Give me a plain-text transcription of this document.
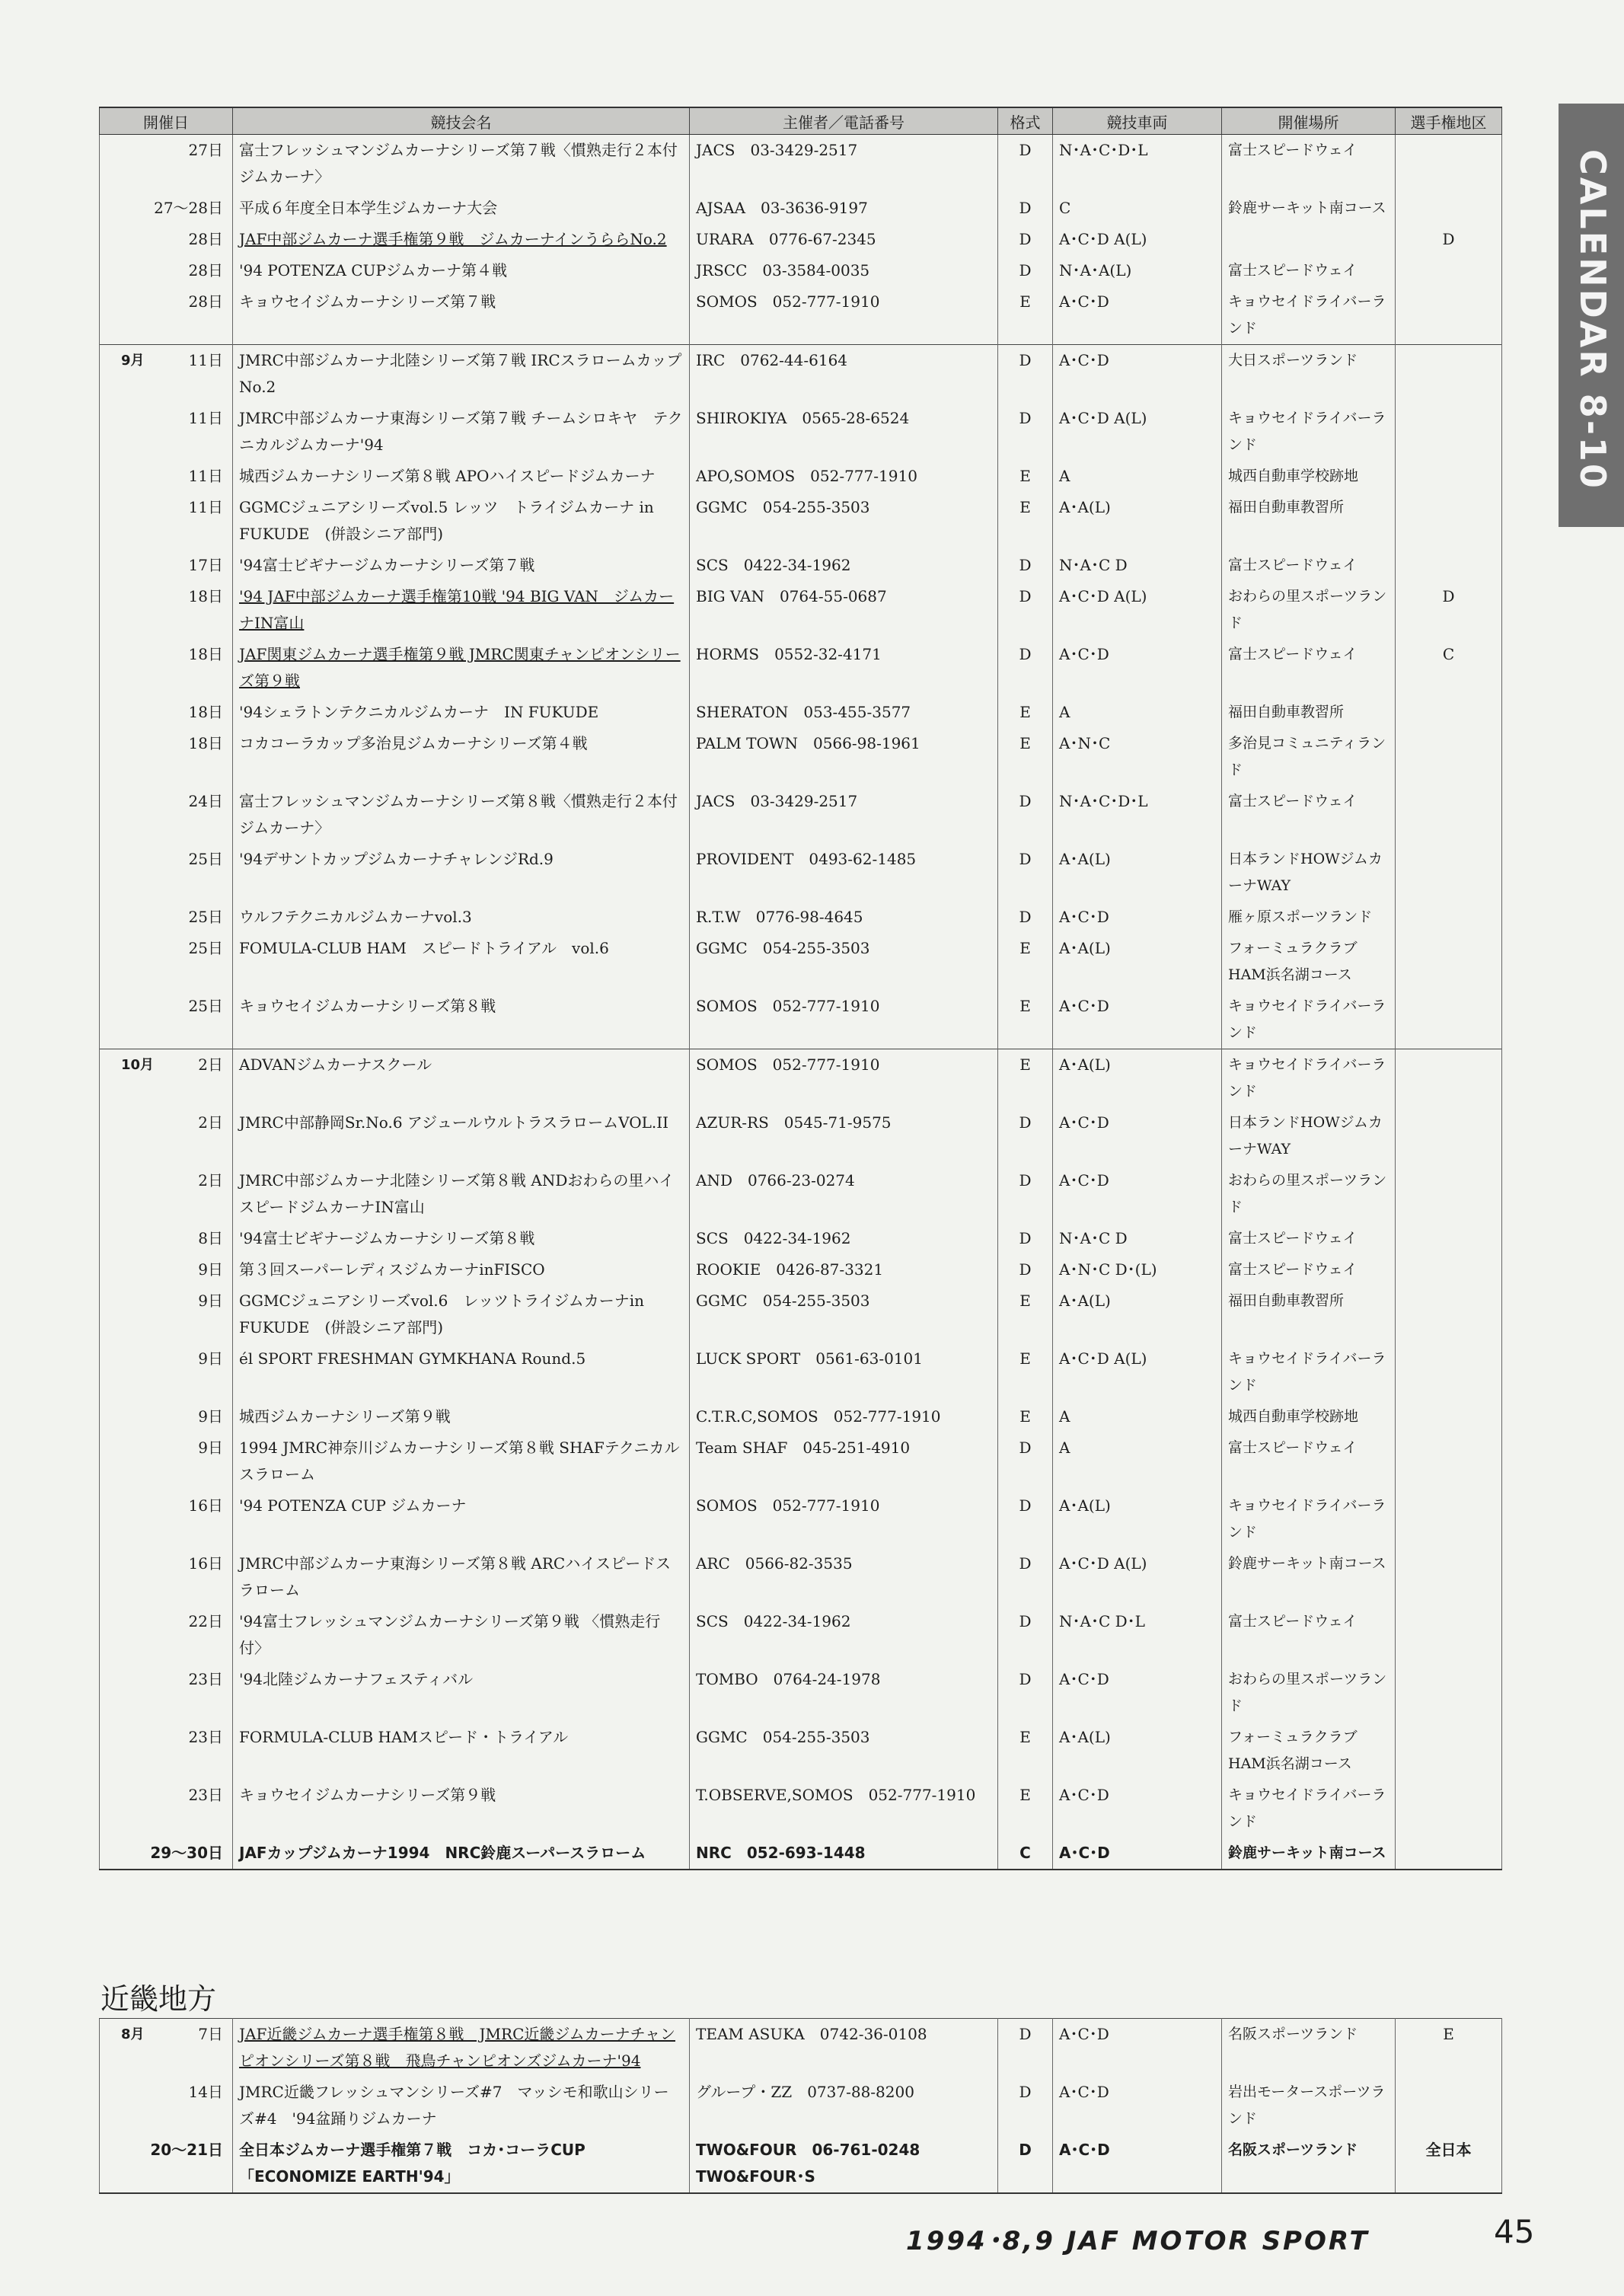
CALENDAR 8-10
開催日	競技会名	主催者／電話番号	格式	競技車両	開催場所	選手権地区
27日	富士フレッシュマンジムカーナシリーズ第７戦〈慣熟走行２本付ジムカーナ〉	JACS　03-3429-2517	D	N･A･C･D･L	富士スピードウェイ	
27〜28日	平成６年度全日本学生ジムカーナ大会	AJSAA　03-3636-9197	D	C	鈴鹿サーキット南コース	
28日	JAF中部ジムカーナ選手権第９戦　ジムカーナインうららNo.2	URARA　0776-67-2345	D	A･C･D A(L)		D
28日	'94 POTENZA CUPジムカーナ第４戦	JRSCC　03-3584-0035	D	N･A･A(L)	富士スピードウェイ	
28日	キョウセイジムカーナシリーズ第７戦	SOMOS　052-777-1910	E	A･C･D	キョウセイドライバーランド	

9月 11日	JMRC中部ジムカーナ北陸シリーズ第７戦 IRCスラロームカップNo.2	IRC　0762-44-6164	D	A･C･D	大日スポーツランド	
11日	JMRC中部ジムカーナ東海シリーズ第７戦 チームシロキヤ　テクニカルジムカーナ'94	SHIROKIYA　0565-28-6524	D	A･C･D A(L)	キョウセイドライバーランド	
11日	城西ジムカーナシリーズ第８戦 APOハイスピードジムカーナ	APO,SOMOS　052-777-1910	E	A	城西自動車学校跡地	
11日	GGMCジュニアシリーズvol.5 レッツ　トライジムカーナ in FUKUDE　(併設シニア部門)	GGMC　054-255-3503	E	A･A(L)	福田自動車教習所	
17日	'94富士ビギナージムカーナシリーズ第７戦	SCS　0422-34-1962	D	N･A･C D	富士スピードウェイ	
18日	'94 JAF中部ジムカーナ選手権第10戦 '94 BIG VAN　ジムカーナIN富山	BIG VAN　0764-55-0687	D	A･C･D A(L)	おわらの里スポーツランド	D
18日	JAF関東ジムカーナ選手権第９戦 JMRC関東チャンピオンシリーズ第９戦	HORMS　0552-32-4171	D	A･C･D	富士スピードウェイ	C
18日	'94シェラトンテクニカルジムカーナ　IN FUKUDE	SHERATON　053-455-3577	E	A	福田自動車教習所	
18日	コカコーラカップ多治見ジムカーナシリーズ第４戦	PALM TOWN　0566-98-1961	E	A･N･C	多治見コミュニティランド	
24日	富士フレッシュマンジムカーナシリーズ第８戦〈慣熟走行２本付ジムカーナ〉	JACS　03-3429-2517	D	N･A･C･D･L	富士スピードウェイ	
25日	'94デサントカップジムカーナチャレンジRd.9	PROVIDENT　0493-62-1485	D	A･A(L)	日本ランドHOWジムカーナWAY	
25日	ウルフテクニカルジムカーナvol.3	R.T.W　0776-98-4645	D	A･C･D	雁ヶ原スポーツランド	
25日	FOMULA-CLUB HAM　スピードトライアル　vol.6	GGMC　054-255-3503	E	A･A(L)	フォーミュラクラブHAM浜名湖コース	
25日	キョウセイジムカーナシリーズ第８戦	SOMOS　052-777-1910	E	A･C･D	キョウセイドライバーランド	

10月 2日	ADVANジムカーナスクール	SOMOS　052-777-1910	E	A･A(L)	キョウセイドライバーランド	
2日	JMRC中部静岡Sr.No.6 アジュールウルトラスラロームVOL.II	AZUR-RS　0545-71-9575	D	A･C･D	日本ランドHOWジムカーナWAY	
2日	JMRC中部ジムカーナ北陸シリーズ第８戦 ANDおわらの里ハイスピードジムカーナIN富山	AND　0766-23-0274	D	A･C･D	おわらの里スポーツランド	
8日	'94富士ビギナージムカーナシリーズ第８戦	SCS　0422-34-1962	D	N･A･C D	富士スピードウェイ	
9日	第３回スーパーレディスジムカーナinFISCO	ROOKIE　0426-87-3321	D	A･N･C D･(L)	富士スピードウェイ	
9日	GGMCジュニアシリーズvol.6　レッツトライジムカーナin FUKUDE　(併設シニア部門)	GGMC　054-255-3503	E	A･A(L)	福田自動車教習所	
9日	él SPORT FRESHMAN GYMKHANA Round.5	LUCK SPORT　0561-63-0101	E	A･C･D A(L)	キョウセイドライバーランド	
9日	城西ジムカーナシリーズ第９戦	C.T.R.C,SOMOS　052-777-1910	E	A	城西自動車学校跡地	
9日	1994 JMRC神奈川ジムカーナシリーズ第８戦 SHAFテクニカルスラローム	Team SHAF　045-251-4910	D	A	富士スピードウェイ	
16日	'94 POTENZA CUP ジムカーナ	SOMOS　052-777-1910	D	A･A(L)	キョウセイドライバーランド	
16日	JMRC中部ジムカーナ東海シリーズ第８戦 ARCハイスピードスラローム	ARC　0566-82-3535	D	A･C･D A(L)	鈴鹿サーキット南コース	
22日	'94富士フレッシュマンジムカーナシリーズ第９戦 〈慣熟走行付〉	SCS　0422-34-1962	D	N･A･C D･L	富士スピードウェイ	
23日	'94北陸ジムカーナフェスティバル	TOMBO　0764-24-1978	D	A･C･D	おわらの里スポーツランド	
23日	FORMULA-CLUB HAMスピード・トライアル	GGMC　054-255-3503	E	A･A(L)	フォーミュラクラブHAM浜名湖コース	
23日	キョウセイジムカーナシリーズ第９戦	T.OBSERVE,SOMOS　052-777-1910	E	A･C･D	キョウセイドライバーランド	
29〜30日	JAFカップジムカーナ1994　NRC鈴鹿スーパースラローム	NRC　052-693-1448	C	A･C･D	鈴鹿サーキット南コース	
近畿地方
8月 7日	JAF近畿ジムカーナ選手権第８戦　JMRC近畿ジムカーナチャンピオンシリーズ第８戦　飛鳥チャンピオンズジムカーナ'94	TEAM ASUKA　0742-36-0108	D	A･C･D	名阪スポーツランド	E
14日	JMRC近畿フレッシュマンシリーズ#7　マッシモ和歌山シリーズ#4　'94盆踊りジムカーナ	グループ・ZZ　0737-88-8200	D	A･C･D	岩出モータースポーツランド	
20〜21日	全日本ジムカーナ選手権第７戦　コカ･コーラCUP「ECONOMIZE EARTH'94」	TWO&FOUR　06-761-0248 TWO&FOUR･S	D	A･C･D	名阪スポーツランド	全日本
1994･8,9 JAF MOTOR SPORT	45
